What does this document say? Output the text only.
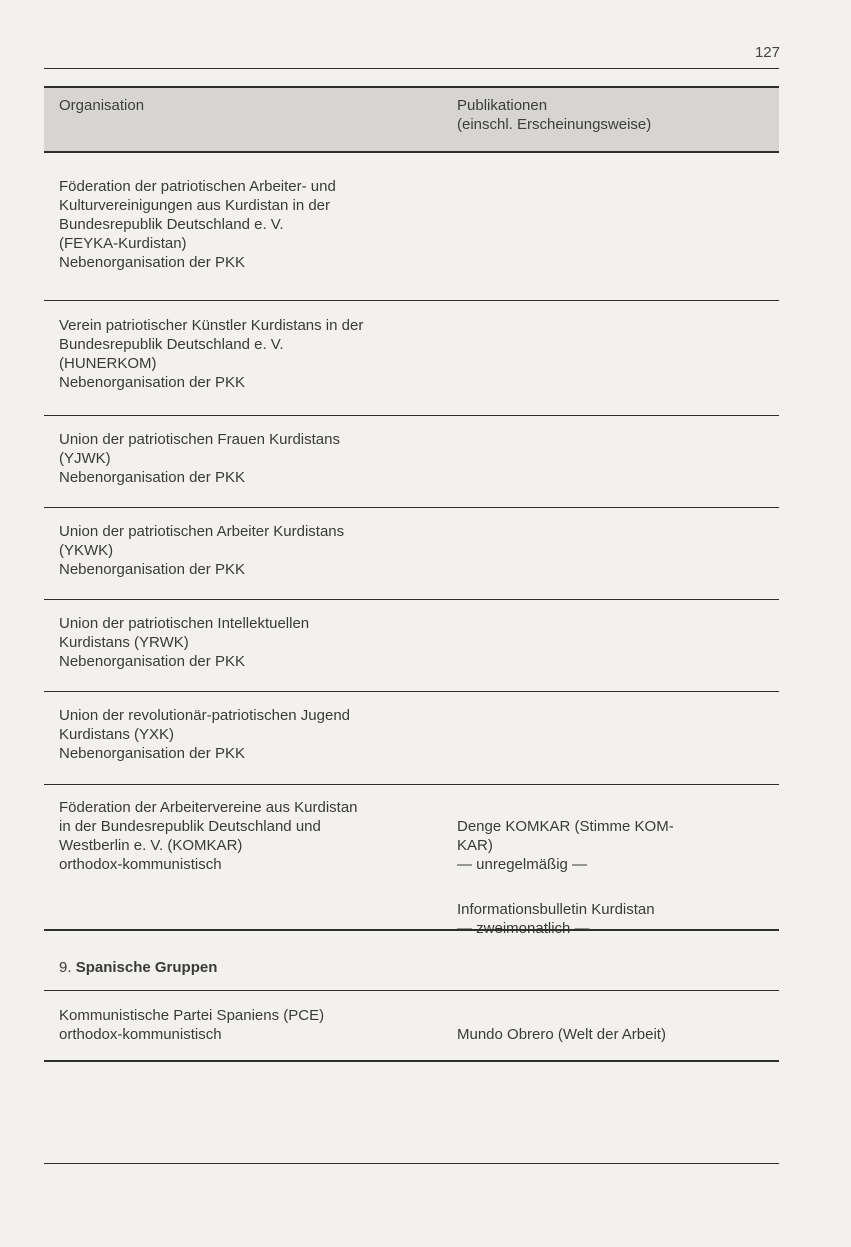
127
Organisation	Publikationen
(einschl. Erscheinungsweise)
Föderation der patriotischen Arbeiter- und
Kulturvereinigungen aus Kurdistan in der
Bundesrepublik Deutschland e. V.
(FEYKA-Kurdistan)
Nebenorganisation der PKK
Verein patriotischer Künstler Kurdistans in der
Bundesrepublik Deutschland e. V.
(HUNERKOM)
Nebenorganisation der PKK
Union der patriotischen Frauen Kurdistans
(YJWK)
Nebenorganisation der PKK
Union der patriotischen Arbeiter Kurdistans
(YKWK)
Nebenorganisation der PKK
Union der patriotischen Intellektuellen
Kurdistans (YRWK)
Nebenorganisation der PKK
Union der revolutionär-patriotischen Jugend
Kurdistans (YXK)
Nebenorganisation der PKK
Föderation der Arbeitervereine aus Kurdistan
in der Bundesrepublik Deutschland und
Westberlin e. V. (KOMKAR)
orthodox-kommunistisch

Denge KOMKAR (Stimme KOM-
KAR)
— unregelmäßig —

Informationsbulletin Kurdistan

9. Spanische Gruppen
Kommunistische Partei Spaniens (PCE)
orthodox-kommunistisch	Mundo Obrero (Welt der Arbeit)
